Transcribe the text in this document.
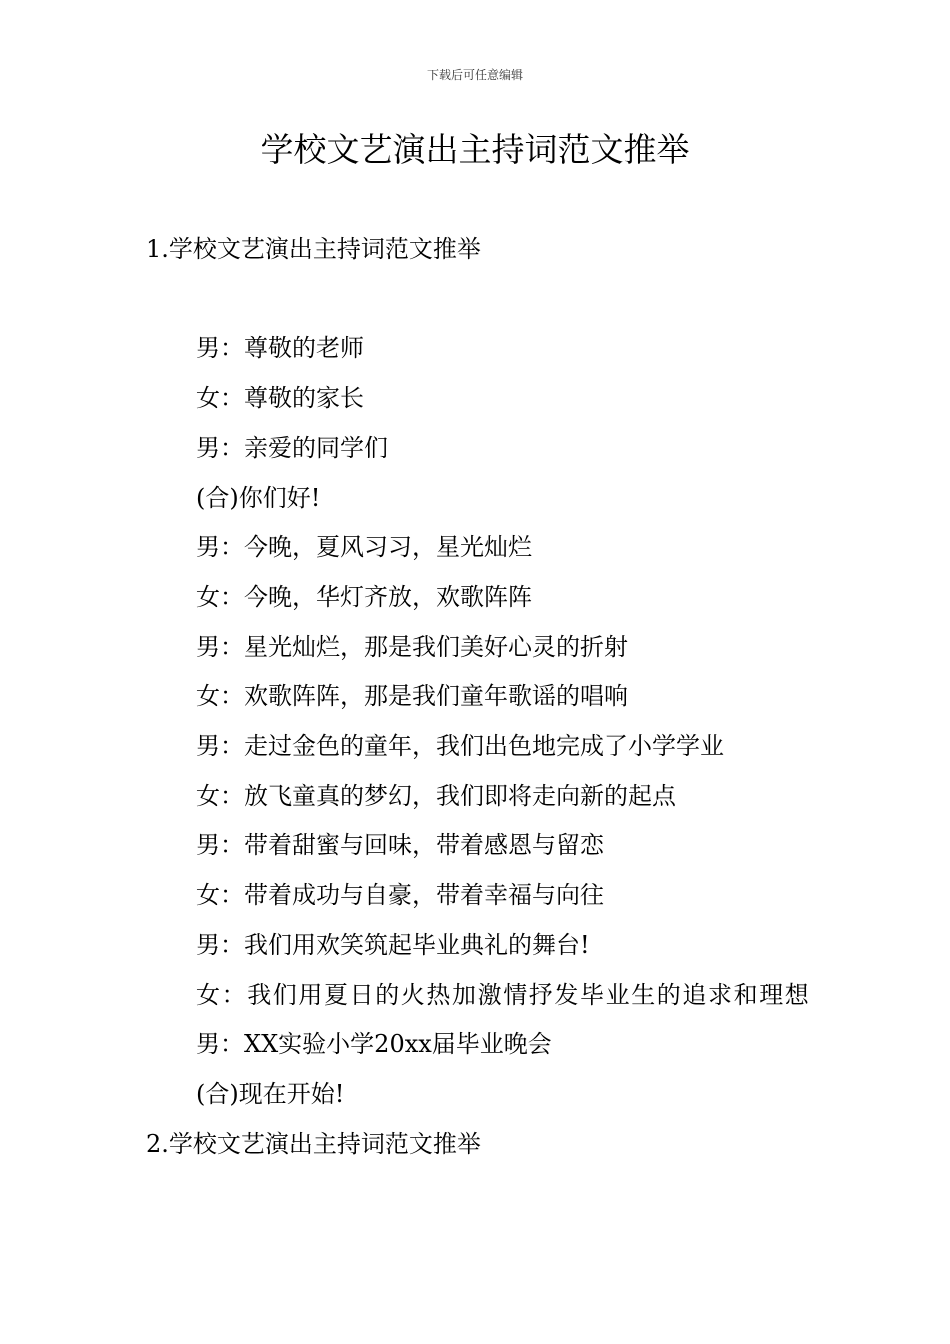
下载后可任意编辑
学校文艺演出主持词范文推举

1.学校文艺演出主持词范文推举

男：尊敬的老师

女：尊敬的家长

男：亲爱的同学们

(合)你们好!

男：今晚，夏风习习，星光灿烂

女：今晚，华灯齐放，欢歌阵阵

男：星光灿烂，那是我们美好心灵的折射

女：欢歌阵阵，那是我们童年歌谣的唱响

男：走过金色的童年，我们出色地完成了小学学业

女：放飞童真的梦幻，我们即将走向新的起点

男：带着甜蜜与回味，带着感恩与留恋

女：带着成功与自豪，带着幸福与向往

男：我们用欢笑筑起毕业典礼的舞台!

女：我们用夏日的火热加激情抒发毕业生的追求和理想

男：XX实验小学20xx届毕业晚会

(合)现在开始!

2.学校文艺演出主持词范文推举
